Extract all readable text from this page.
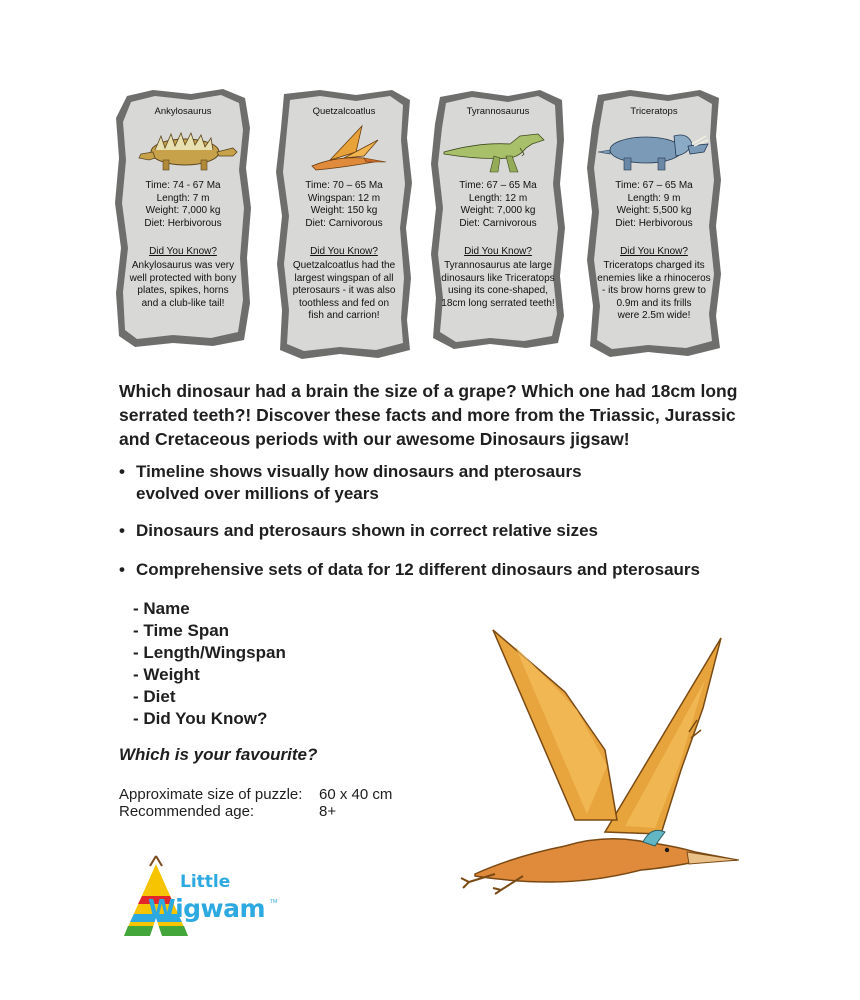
Ankylosaurus
Time: 74 - 67 Ma
Length: 7 m
Weight: 7,000 kg
Diet: Herbivorous
Did You Know?
Ankylosaurus was very
well protected with bony
plates, spikes, horns
and a club-like tail!
Quetzalcoatlus
Time: 70 – 65 Ma
Wingspan: 12 m
Weight: 150 kg
Diet: Carnivorous
Did You Know?
Quetzalcoatlus had the
largest wingspan of all
pterosaurs - it was also
toothless and fed on
fish and carrion!
Tyrannosaurus
Time: 67 – 65 Ma
Length: 12 m
Weight: 7,000 kg
Diet: Carnivorous
Did You Know?
Tyrannosaurus ate large
dinosaurs like Triceratops
using its cone-shaped,
18cm long serrated teeth!
Triceratops
Time: 67 – 65 Ma
Length: 9 m
Weight: 5,500 kg
Diet: Herbivorous
Did You Know?
Triceratops charged its
enemies like a rhinoceros
- its brow horns grew to
0.9m and its frills
were 2.5m wide!

Which dinosaur had a brain the size of a grape? Which one had 18cm long serrated teeth?! Discover these facts and more from the Triassic, Jurassic and Cretaceous periods with our awesome Dinosaurs jigsaw!

• Timeline shows visually how dinosaurs and pterosaurs evolved over millions of years
• Dinosaurs and pterosaurs shown in correct relative sizes
• Comprehensive sets of data for 12 different dinosaurs and pterosaurs
- Name
- Time Span
- Length/Wingspan
- Weight
- Diet
- Did You Know?
Which is your favourite?
Approximate size of puzzle:	60 x 40 cm
Recommended age:	8+
Little
Wigwam TM
